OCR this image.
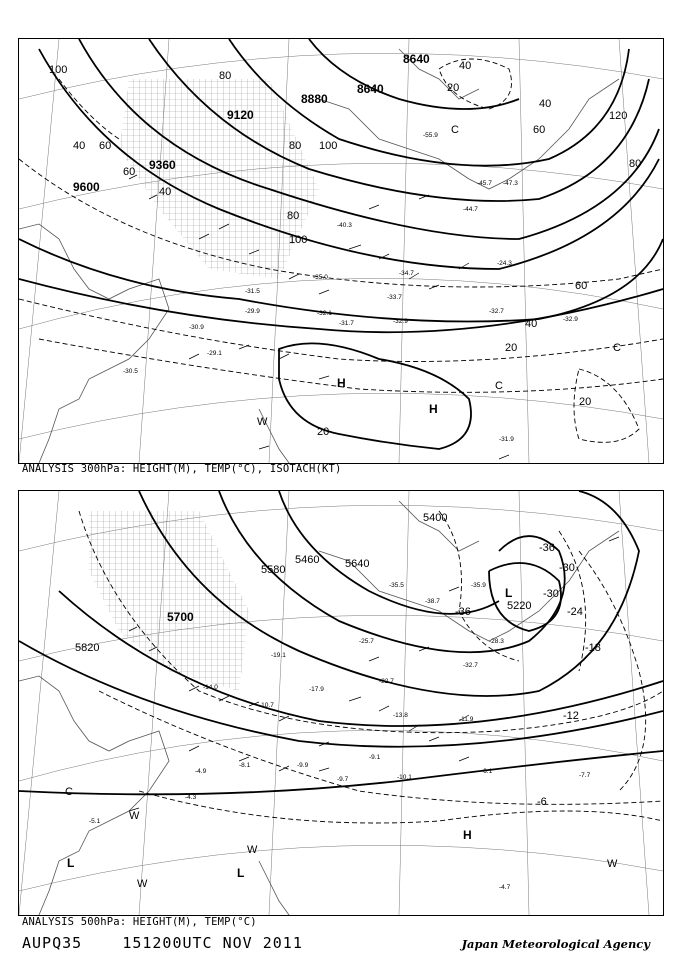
8640
8880
8640
9120
9360
9600
100	80
60
40
40
20
40
60
80
100
80
60
40
20
20
20
40 60	80 100
120
H
H
C
C
C
W
-55.9
-47.3
-45.7
-44.7
-40.3
-35.0
-34.7
-33.7
-31.5
-32.1
-31.7	-32.9
-29.9
-30.9
-29.1
-30.5
-31.9
-32.7
-32.9
-24.3
ANALYSIS 300hPa: HEIGHT(M), TEMP(°C), ISOTACH(KT)
5220
5460
5580
5700
5820
5640
5400
-36
-30
-24
-18
-12
-6
-36
-30
L
L
L
W
W
W
W
C
H
-35.5
-38.7
-35.9
-32.7
-28.3
-25.7
-22.7
-19.1
-17.9
-14.0
-13.8
-11.9
-10.7
-10.1
-9.9
-9.7
-9.1
-8.1
-7.7
-6.1
-5.1
-4.9
-4.7
-4.3
ANALYSIS 500hPa: HEIGHT(M), TEMP(°C)
AUPQ35	151200UTC NOV 2011	Japan Meteorological Agency
